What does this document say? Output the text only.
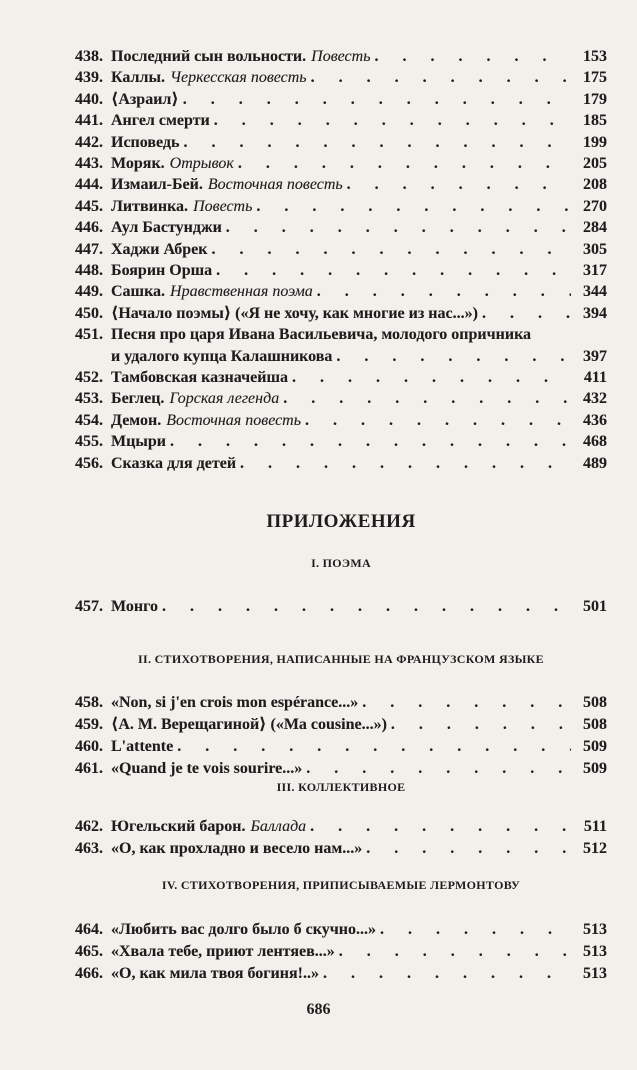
438. Последний сын вольности. Повесть . . .	153
439. Каллы. Черкесская повесть . . .	175
440. ⟨Азраил⟩ . . .	179
441. Ангел смерти . . .	185
442. Исповедь . . .	199
443. Моряк. Отрывок . . .	205
444. Измаил-Бей. Восточная повесть . . .	208
445. Литвинка. Повесть . . .	270
446. Аул Бастунджи . . .	284
447. Хаджи Абрек . . .	305
448. Боярин Орша . . .	317
449. Сашка. Нравственная поэма . . .	344
450. ⟨Начало поэмы⟩ («Я не хочу, как многие из нас...») . . .	394
451. Песня про царя Ивана Васильевича, молодого опричника
и удалого купца Калашникова . . .	397
452. Тамбовская казначейша . . .	411
453. Беглец. Горская легенда . . .	432
454. Демон. Восточная повесть . . .	436
455. Мцыри . . .	468
456. Сказка для детей . . .	489
ПРИЛОЖЕНИЯ
I. ПОЭМА
457. Монго . . .	501
II. СТИХОТВОРЕНИЯ, НАПИСАННЫЕ НА ФРАНЦУЗСКОМ ЯЗЫКЕ
458. «Non, si j'en crois mon espérance...» . . .	508
459. ⟨А. М. Верещагиной⟩ («Ma cousine...») . . .	508
460. L'attente . . .	509
461. «Quand je te vois sourire...» . . .	509
III. КОЛЛЕКТИВНОЕ
462. Югельский барон. Баллада . . .	511
463. «О, как прохладно и весело нам...» . . .	512
IV. СТИХОТВОРЕНИЯ, ПРИПИСЫВАЕМЫЕ ЛЕРМОНТОВУ
464. «Любить вас долго было б скучно...» . . .	513
465. «Хвала тебе, приют лентяев...» . . .	513
466. «О, как мила твоя богиня!..» . . .	513
686
